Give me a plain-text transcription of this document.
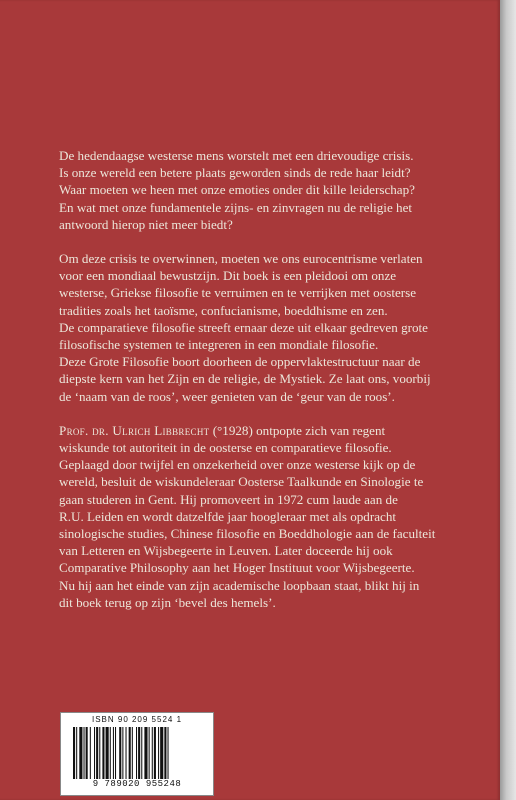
De hedendaagse westerse mens worstelt met een drievoudige crisis.
Is onze wereld een betere plaats geworden sinds de rede haar leidt?
Waar moeten we heen met onze emoties onder dit kille leiderschap?
En wat met onze fundamentele zijns- en zinvragen nu de religie het
antwoord hierop niet meer biedt?

Om deze crisis te overwinnen, moeten we ons eurocentrisme verlaten
voor een mondiaal bewustzijn. Dit boek is een pleidooi om onze
westerse, Griekse filosofie te verruimen en te verrijken met oosterse
tradities zoals het taoïsme, confucianisme, boeddhisme en zen.
De comparatieve filosofie streeft ernaar deze uit elkaar gedreven grote
filosofische systemen te integreren in een mondiale filosofie.
Deze Grote Filosofie boort doorheen de oppervlaktestructuur naar de
diepste kern van het Zijn en de religie, de Mystiek. Ze laat ons, voorbij
de ‘naam van de roos’, weer genieten van de ‘geur van de roos’.

Prof. dr. Ulrich Libbrecht (°1928) ontpopte zich van regent
wiskunde tot autoriteit in de oosterse en comparatieve filosofie.
Geplaagd door twijfel en onzekerheid over onze westerse kijk op de
wereld, besluit de wiskundeleraar Oosterse Taalkunde en Sinologie te
gaan studeren in Gent. Hij promoveert in 1972 cum laude aan de
R.U. Leiden en wordt datzelfde jaar hoogleraar met als opdracht
sinologische studies, Chinese filosofie en Boeddhologie aan de faculteit
van Letteren en Wijsbegeerte in Leuven. Later doceerde hij ook
Comparative Philosophy aan het Hoger Instituut voor Wijsbegeerte.
Nu hij aan het einde van zijn academische loopbaan staat, blikt hij in
dit boek terug op zijn ‘bevel des hemels’.

ISBN 90 209 5524 1
9 789020 955248
